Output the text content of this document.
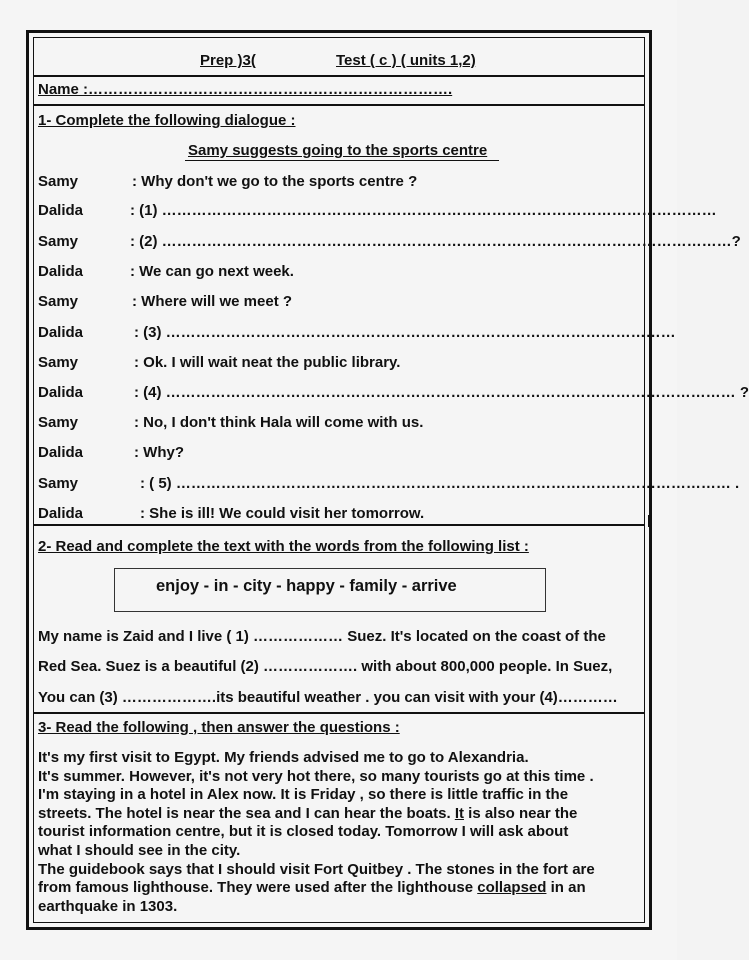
Prep )3(	Test ( c ) ( units 1,2)
Name :……………………………………………………………….
1- Complete the following dialogue :
Samy suggests going to the sports centre
Samy	: Why don't we go to the sports centre ?
Dalida	: (1) …………………………………………………………………………………………………
Samy	: (2) ……………………………………………………………………………………………………?
Dalida	: We can go next week.
Samy	: Where will we meet ?
Dalida	: (3) …………………………………………………………………………………………
Samy	: Ok. I will wait neat the public library.
Dalida	: (4) …………………………………………………………………………………………………… ?
Samy	: No, I don't think Hala will come with us.
Dalida	: Why?
Samy	: ( 5) ………………………………………………………………………………………………… .
Dalida	: She is ill! We could visit her tomorrow.
2- Read and complete the text with the words from the following list :
enjoy - in - city - happy - family - arrive
My name is Zaid and I live ( 1) ……………… Suez. It's located on the coast of the
Red Sea. Suez is a beautiful (2) ………………. with about 800,000 people. In Suez,
You can (3) ……………….its beautiful weather . you can visit with your (4)…………
3- Read the following , then answer the questions :

It's my first visit to Egypt. My friends advised me to go to Alexandria.

It's summer. However, it's not very hot there, so many tourists go at this time .

I'm staying in a hotel in Alex now. It is Friday , so there is little traffic in the

streets. The hotel is near the sea and I can hear the boats. It is also near the

tourist information centre, but it is closed today. Tomorrow I will ask about

what I should see in the city.

The guidebook says that I should visit Fort Quitbey . The stones in the fort are

from famous lighthouse. They were used after the lighthouse collapsed in an

earthquake in 1303.
